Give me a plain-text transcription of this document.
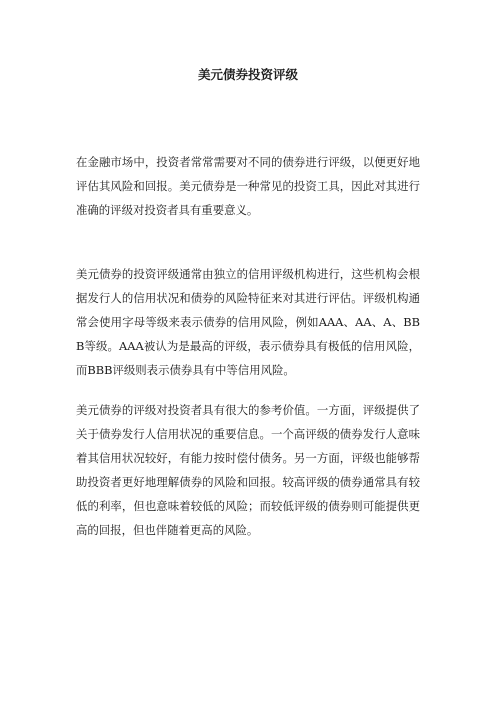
美元债券投资评级

在金融市场中，投资者常常需要对不同的债券进行评级，以便更好地评估其风险和回报。美元债券是一种常见的投资工具，因此对其进行准确的评级对投资者具有重要意义。

美元债券的投资评级通常由独立的信用评级机构进行，这些机构会根据发行人的信用状况和债券的风险特征来对其进行评估。评级机构通常会使用字母等级来表示债券的信用风险，例如AAA、AA、A、BBB等级。AAA被认为是最高的评级，表示债券具有极低的信用风险，而BBB评级则表示债券具有中等信用风险。

美元债券的评级对投资者具有很大的参考价值。一方面，评级提供了关于债券发行人信用状况的重要信息。一个高评级的债券发行人意味着其信用状况较好，有能力按时偿付债务。另一方面，评级也能够帮助投资者更好地理解债券的风险和回报。较高评级的债券通常具有较低的利率，但也意味着较低的风险；而较低评级的债券则可能提供更高的回报，但也伴随着更高的风险。
